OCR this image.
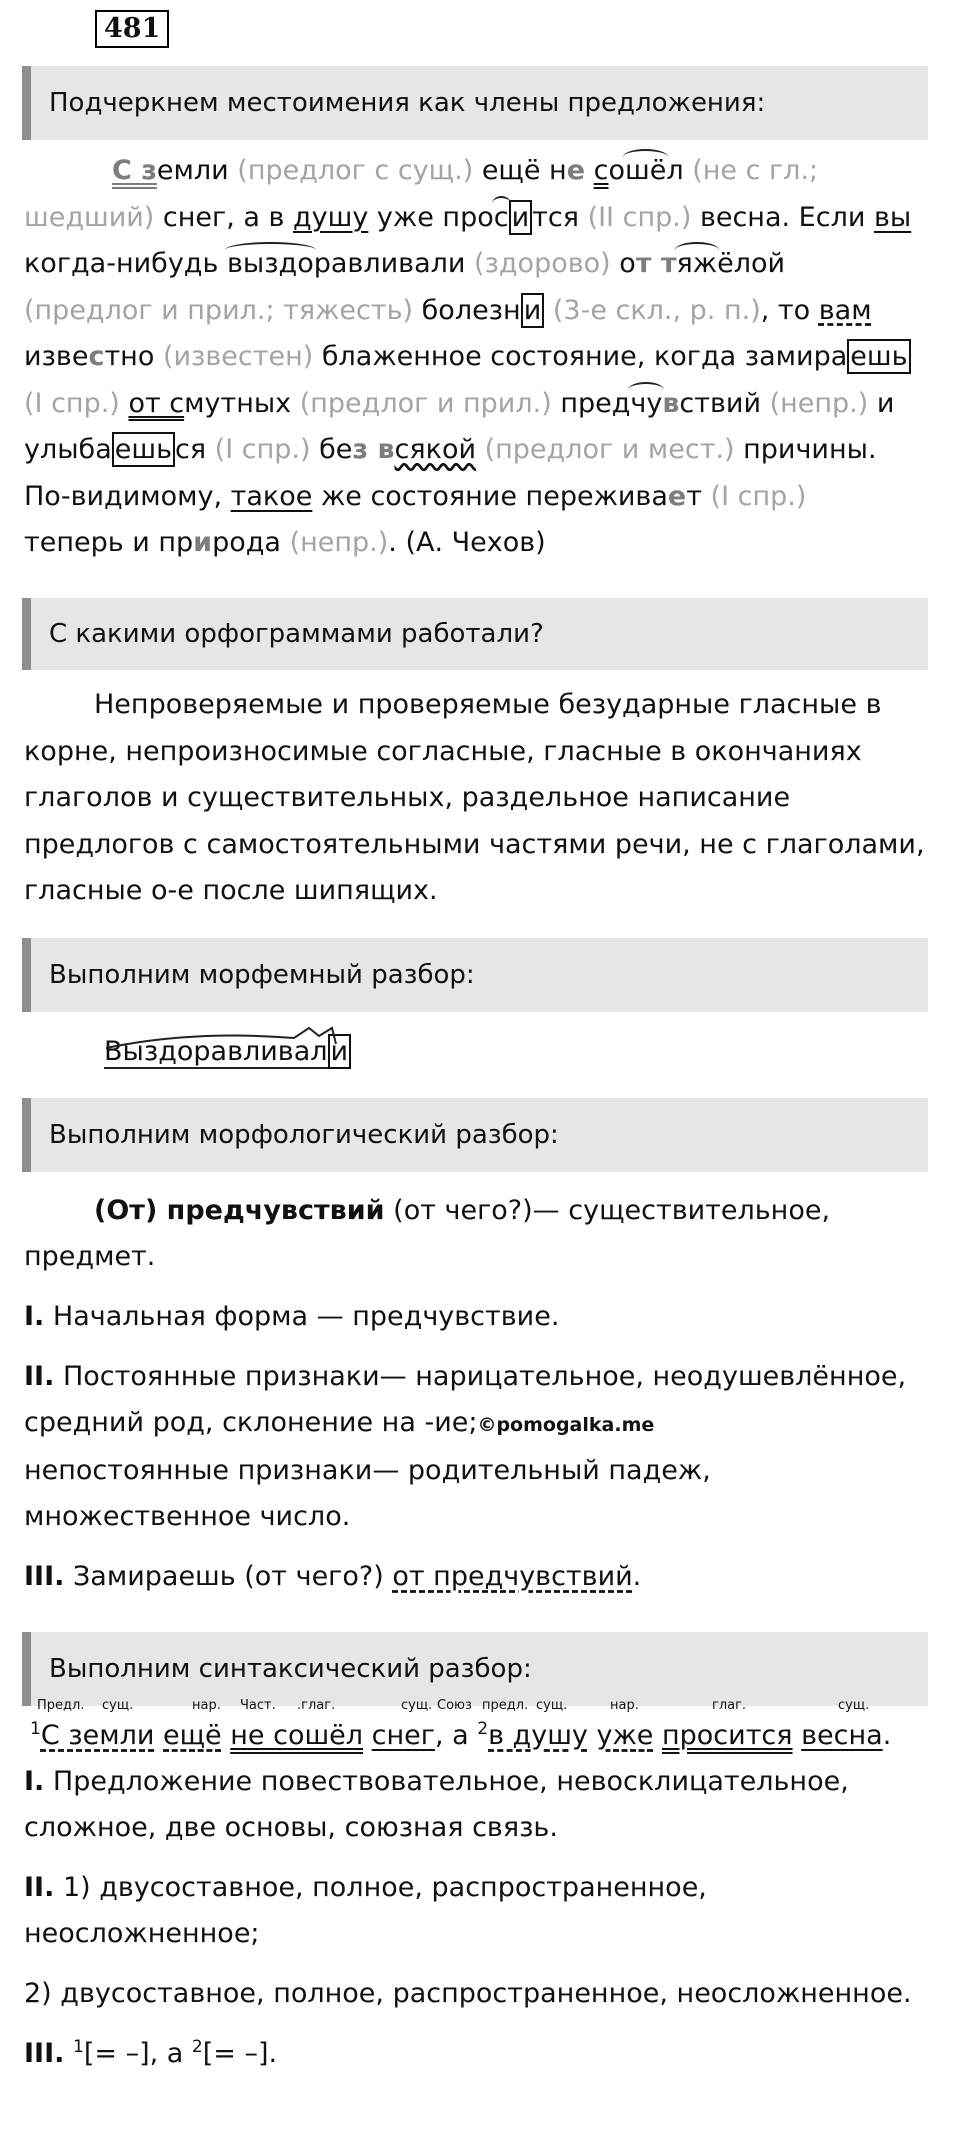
481
Подчеркнем местоимения как члены предложения:
С земли (предлог с сущ.) ещё не сошёл (не с гл.;
шедший) снег, а в душу уже прос и тся (II спр.) весна. Если вы
когда-нибудь выздоравливали (здорово) от тяжёлой
(предлог и прил.; тяжесть) болезн и (3-е скл., р. п.), то вам
известно (известен) блаженное состояние, когда замира ешь
(I спр.) от смутных (предлог и прил.) предчувствий (непр.) и
улыба ешь ся (I спр.) без всякой (предлог и мест.) причины.
По-видимому, такое же состояние переживает (I спр.)
теперь и природа (непр.). (А. Чехов)
С какими орфограммами работали?
Непроверяемые и проверяемые безударные гласные в корне, непроизносимые согласные, гласные в окончаниях глаголов и существительных, раздельное написание предлогов с самостоятельными частями речи, не с глаголами, гласные о-е после шипящих.
Выполним морфемный разбор:
Выздоравливал и
Выполним морфологический разбор:

(От) предчувствий (от чего?)— существительное, предмет.

I. Начальная форма — предчувствие.

II. Постоянные признаки— нарицательное, неодушевлённое, средний род, склонение на -ие;©pomogalka.me
непостоянные признаки— родительный падеж, множественное число.

III. Замираешь (от чего?) от предчувствий.

Выполним синтаксический разбор:
Предл. сущ.	нар. Част. .глаг.	сущ. Союз предл. сущ.	нар.	глаг.	сущ.
$^1$С земли ещё не сошёл снег, а $^2$в душу уже просится весна.

I. Предложение повествовательное, невосклицательное, сложное, две основы, союзная связь.

II. 1) двусоставное, полное, распространенное, неосложненное;

2) двусоставное, полное, распространенное, неосложненное.

III. $^1$[= –], а $^2$[= –].
